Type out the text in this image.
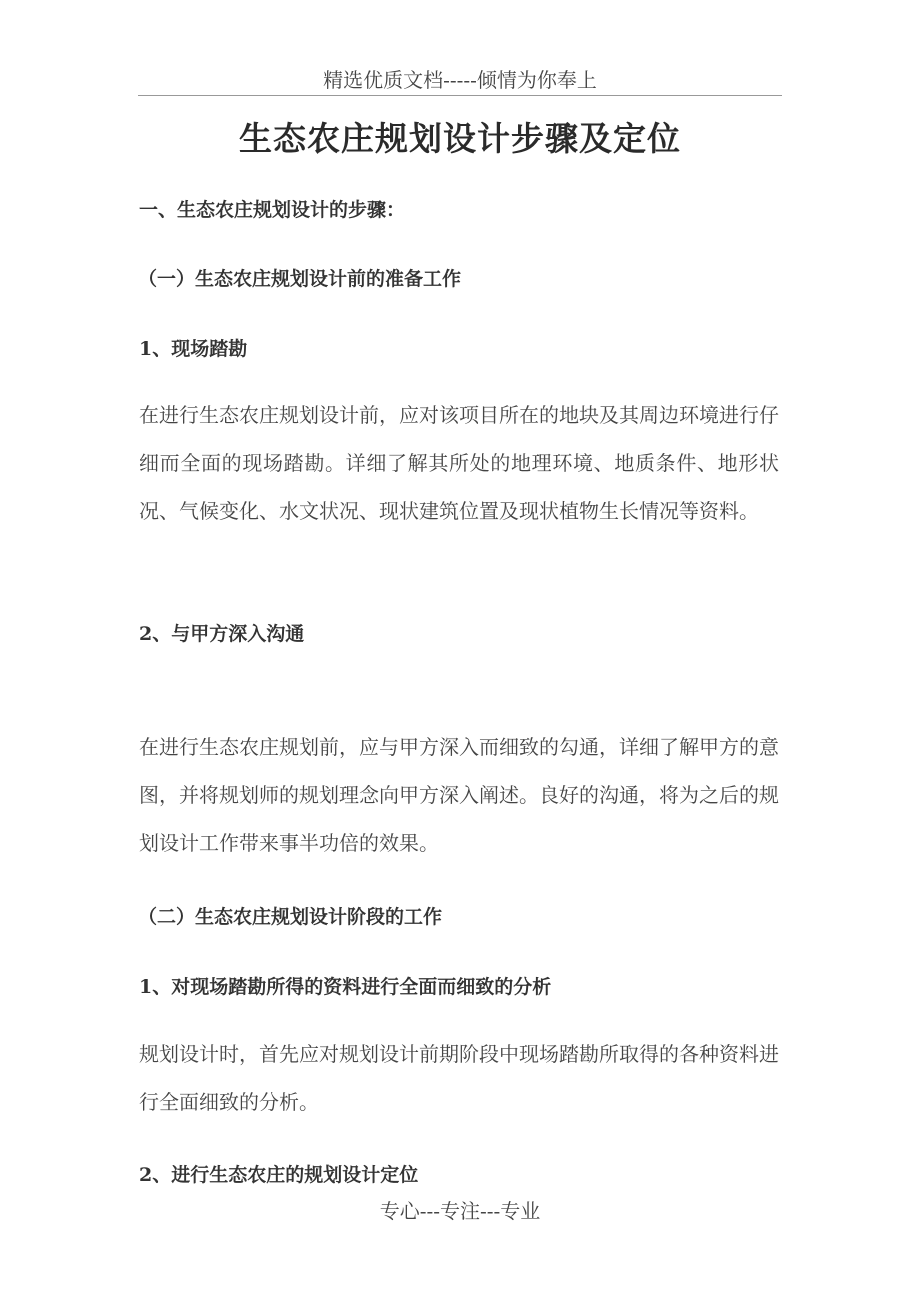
精选优质文档-----倾情为你奉上
生态农庄规划设计步骤及定位
一、生态农庄规划设计的步骤：
（一）生态农庄规划设计前的准备工作
1、现场踏勘
在进行生态农庄规划设计前，应对该项目所在的地块及其周边环境进行仔细而全面的现场踏勘。详细了解其所处的地理环境、地质条件、地形状况、气候变化、水文状况、现状建筑位置及现状植物生长情况等资料。
2、与甲方深入沟通
在进行生态农庄规划前，应与甲方深入而细致的勾通，详细了解甲方的意图，并将规划师的规划理念向甲方深入阐述。良好的沟通，将为之后的规划设计工作带来事半功倍的效果。
（二）生态农庄规划设计阶段的工作
1、对现场踏勘所得的资料进行全面而细致的分析
规划设计时，首先应对规划设计前期阶段中现场踏勘所取得的各种资料进行全面细致的分析。
2、进行生态农庄的规划设计定位
专心---专注---专业
